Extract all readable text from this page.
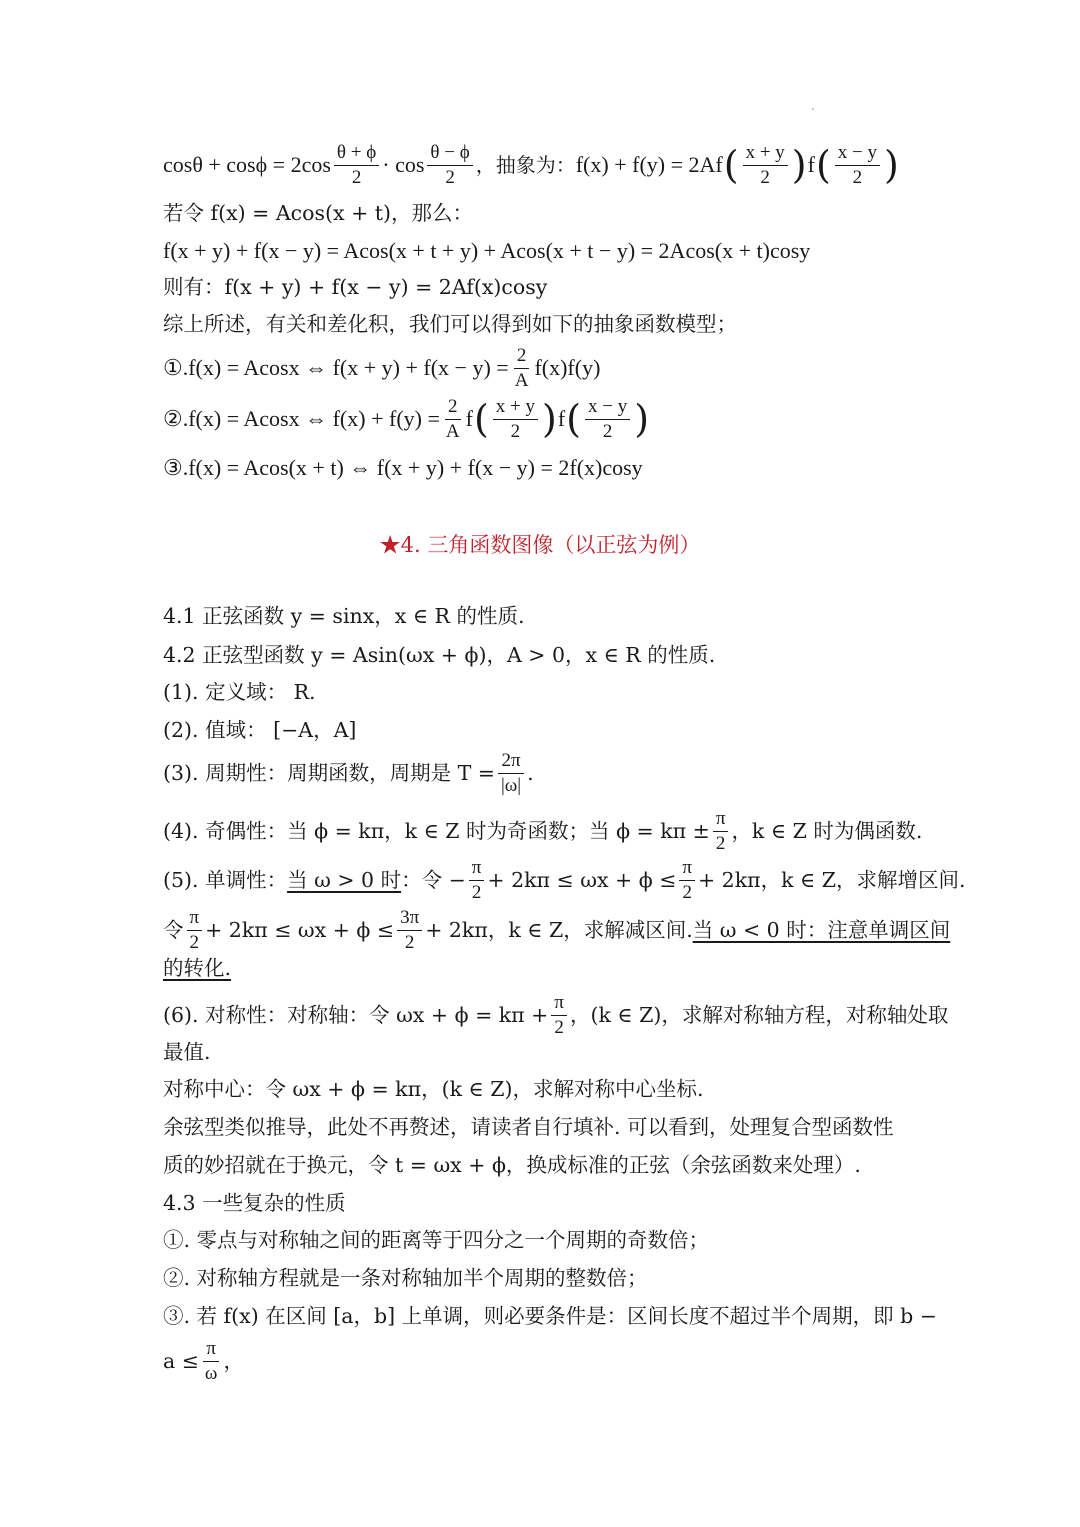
$\cos\theta + \cos\phi = 2\cos \frac{\theta + \phi}{2} \cdot \cos \frac{\theta - \phi}{2}$ ，抽象为： f(x) + f(y) = 2Af ( $\frac{x + y}{2}$ ) f ( $\frac{x - y}{2}$ )
若令 f(x) = Acos(x + t)，那么：
f(x + y) + f(x − y) = Acos(x + t + y) + Acos(x + t − y) = 2Acos(x + t)cosy
则有：f(x + y) + f(x − y) = 2Af(x)cosy
综上所述，有关和差化积，我们可以得到如下的抽象函数模型；
①.f(x) = Acosx ⇔ $f(x + y) + f(x - y) = \frac{2}{A} f(x)f(y)$
②.f(x) = Acosx ⇔ $f(x) + f(y) = \frac{2}{A}$ f ( $\frac{x + y}{2}$ ) f ( $\frac{x - y}{2}$ )
③.f(x) = Acos(x + t) ⇔ f(x + y) + f(x − y) = 2f(x)cosy
★4. 三角函数图像（以正弦为例）
4.1 正弦函数 y = sinx，x ∈ R 的性质.
4.2 正弦型函数 y = Asin(ωx + ϕ)，A > 0，x ∈ R 的性质.
(1). 定义域： R.
(2). 值域： [−A，A]
(3). 周期性：周期函数，周期是 $T = \frac{2\pi}{|\omega|}$ .
(4). 奇偶性：当 ϕ = kπ，k ∈ Z 时为奇函数；当 $\phi = k\pi \pm \frac{\pi}{2}$ ，k ∈ Z 时为偶函数.
(5). 单调性： 当 ω > 0 时 ：令 − $\frac{\pi}{2} + 2k\pi \le \omega x + \phi \le \frac{\pi}{2} + 2k\pi$，k ∈ Z，求解增区间.
令 $\frac{\pi}{2} + 2k\pi \le \omega x + \phi \le \frac{3\pi}{2} + 2k\pi$，k ∈ Z，求解减区间. 当 ω < 0 时：注意单调区间
的转化.
(6). 对称性：对称轴：令 $\omega x + \phi = k\pi + \frac{\pi}{2}$ ，(k ∈ Z)，求解对称轴方程，对称轴处取
最值.
对称中心：令 ωx + ϕ = kπ，(k ∈ Z)，求解对称中心坐标.
余弦型类似推导，此处不再赘述，请读者自行填补. 可以看到，处理复合型函数性
质的妙招就在于换元，令 t = ωx + ϕ，换成标准的正弦（余弦函数来处理）.
4.3 一些复杂的性质
①. 零点与对称轴之间的距离等于四分之一个周期的奇数倍；
②. 对称轴方程就是一条对称轴加半个周期的整数倍；
③. 若 f(x) 在区间 [a，b] 上单调，则必要条件是：区间长度不超过半个周期，即 b −
$a \le \frac{\pi}{\omega}$ ，
